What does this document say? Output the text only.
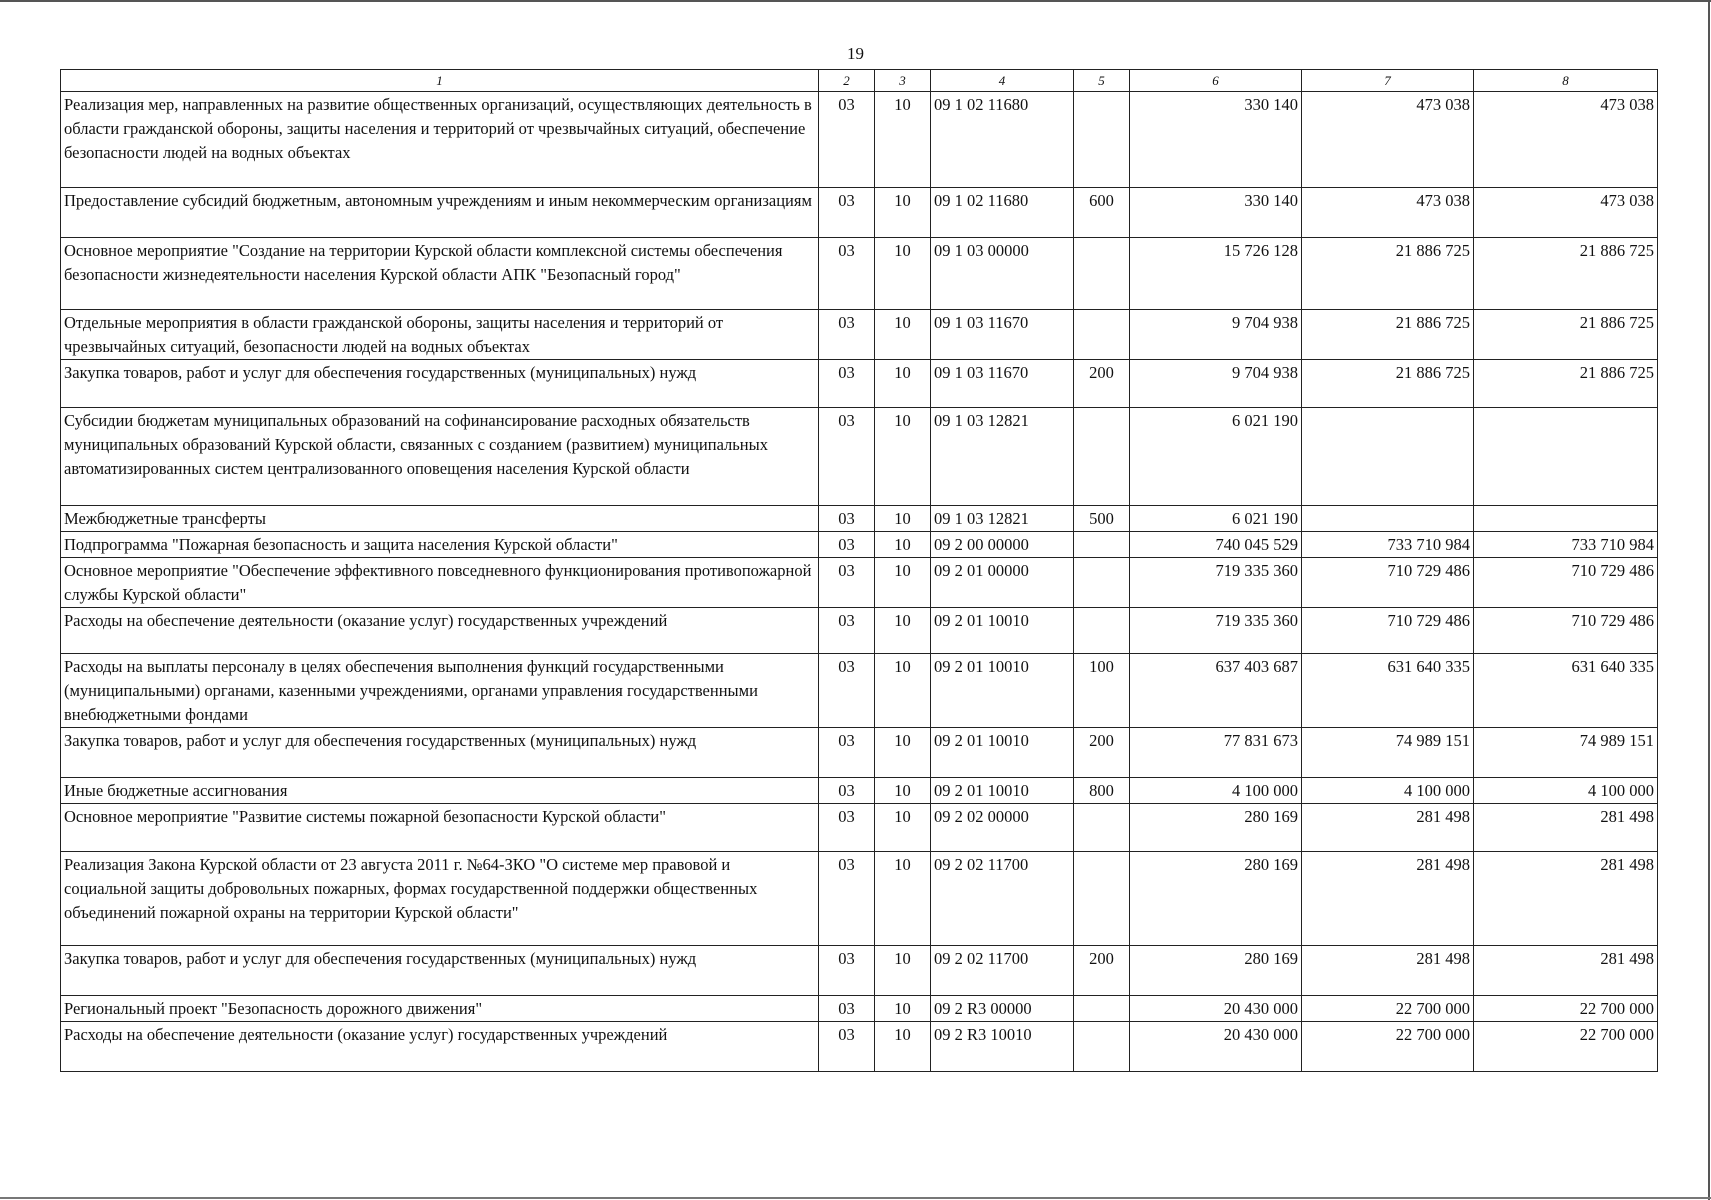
19
1	2	3	4	5	6	7	8
Реализация мер, направленных на развитие общественных организаций, осуществляющих деятельность в области гражданской обороны, защиты населения и территорий от чрезвычайных ситуаций, обеспечение безопасности людей на водных объектах	03	10	09 1 02 11680		330 140	473 038	473 038
Предоставление субсидий бюджетным, автономным учреждениям и иным некоммерческим организациям	03	10	09 1 02 11680	600	330 140	473 038	473 038
Основное мероприятие "Создание на территории Курской области комплексной системы обеспечения безопасности жизнедеятельности населения Курской области АПК "Безопасный город"	03	10	09 1 03 00000		15 726 128	21 886 725	21 886 725
Отдельные мероприятия в области гражданской обороны, защиты населения и территорий от чрезвычайных ситуаций, безопасности людей на водных объектах	03	10	09 1 03 11670		9 704 938	21 886 725	21 886 725
Закупка товаров, работ и услуг для обеспечения государственных (муниципальных) нужд	03	10	09 1 03 11670	200	9 704 938	21 886 725	21 886 725
Субсидии бюджетам муниципальных образований на софинансирование расходных обязательств муниципальных образований Курской области, связанных с созданием (развитием) муниципальных автоматизированных систем централизованного оповещения населения Курской области	03	10	09 1 03 12821		6 021 190		
Межбюджетные трансферты	03	10	09 1 03 12821	500	6 021 190		
Подпрограмма "Пожарная безопасность и защита населения Курской области"	03	10	09 2 00 00000		740 045 529	733 710 984	733 710 984
Основное мероприятие "Обеспечение эффективного повседневного функционирования противопожарной службы Курской области"	03	10	09 2 01 00000		719 335 360	710 729 486	710 729 486
Расходы на обеспечение деятельности (оказание услуг) государственных учреждений	03	10	09 2 01 10010		719 335 360	710 729 486	710 729 486
Расходы на выплаты персоналу в целях обеспечения выполнения функций государственными (муниципальными) органами, казенными учреждениями, органами управления государственными внебюджетными фондами	03	10	09 2 01 10010	100	637 403 687	631 640 335	631 640 335
Закупка товаров, работ и услуг для обеспечения государственных (муниципальных) нужд	03	10	09 2 01 10010	200	77 831 673	74 989 151	74 989 151
Иные бюджетные ассигнования	03	10	09 2 01 10010	800	4 100 000	4 100 000	4 100 000
Основное мероприятие "Развитие системы пожарной безопасности Курской области"	03	10	09 2 02 00000		280 169	281 498	281 498
Реализация Закона Курской области от 23 августа 2011 г. №64-ЗКО "О системе мер правовой и социальной защиты добровольных пожарных, формах государственной поддержки общественных объединений пожарной охраны на территории Курской области"	03	10	09 2 02 11700		280 169	281 498	281 498
Закупка товаров, работ и услуг для обеспечения государственных (муниципальных) нужд	03	10	09 2 02 11700	200	280 169	281 498	281 498
Региональный проект "Безопасность дорожного движения"	03	10	09 2 R3 00000		20 430 000	22 700 000	22 700 000
Расходы на обеспечение деятельности (оказание услуг) государственных учреждений	03	10	09 2 R3 10010		20 430 000	22 700 000	22 700 000
